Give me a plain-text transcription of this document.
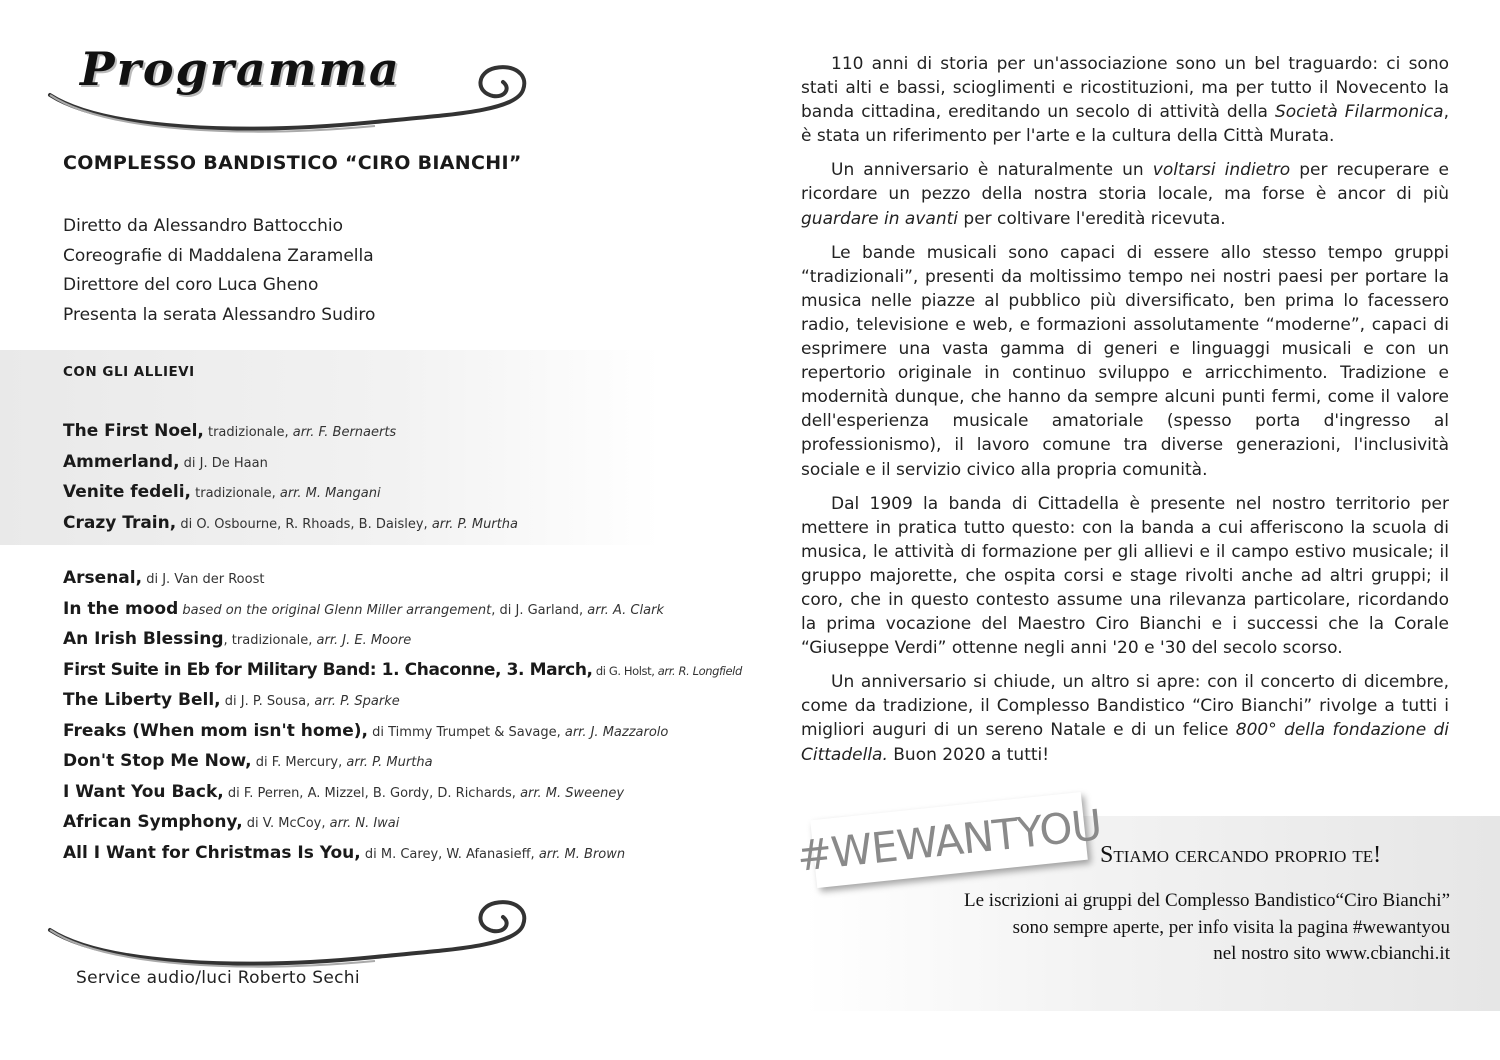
Programma
COMPLESSO BANDISTICO “CIRO BIANCHI”
Diretto da Alessandro Battocchio
Coreografie di Maddalena Zaramella
Direttore del coro Luca Gheno
Presenta la serata Alessandro Sudiro
CON GLI ALLIEVI
The First Noel, tradizionale, arr. F. Bernaerts
Ammerland, di J. De Haan
Venite fedeli, tradizionale, arr. M. Mangani
Crazy Train, di O. Osbourne, R. Rhoads, B. Daisley, arr. P. Murtha
Arsenal, di J. Van der Roost
In the mood based on the original Glenn Miller arrangement, di J. Garland, arr. A. Clark
An Irish Blessing, tradizionale, arr. J. E. Moore
First Suite in Eb for Military Band: 1. Chaconne, 3. March, di G. Holst, arr. R. Longfield
The Liberty Bell, di J. P. Sousa, arr. P. Sparke
Freaks (When mom isn't home), di Timmy Trumpet & Savage, arr. J. Mazzarolo
Don't Stop Me Now, di F. Mercury, arr. P. Murtha
I Want You Back, di F. Perren, A. Mizzel, B. Gordy, D. Richards, arr. M. Sweeney
African Symphony, di V. McCoy, arr. N. Iwai
All I Want for Christmas Is You, di M. Carey, W. Afanasieff, arr. M. Brown
Service audio/luci Roberto Sechi

110 anni di storia per un'associazione sono un bel traguardo: ci sono stati alti e bassi, scioglimenti e ricostituzioni, ma per tutto il Novecento la banda cittadina, ereditando un secolo di attività della Società Filarmonica, è stata un riferimento per l'arte e la cultura della Città Murata.

Un anniversario è naturalmente un voltarsi indietro per recuperare e ricordare un pezzo della nostra storia locale, ma forse è ancor di più guardare in avanti per coltivare l'eredità ricevuta.

Le bande musicali sono capaci di essere allo stesso tempo gruppi “tradizionali”, presenti da moltissimo tempo nei nostri paesi per portare la musica nelle piazze al pubblico più diversificato, ben prima lo facessero radio, televisione e web, e formazioni assolutamente “moderne”, capaci di esprimere una vasta gamma di generi e linguaggi musicali e con un repertorio originale in continuo sviluppo e arricchimento. Tradizione e modernità dunque, che hanno da sempre alcuni punti fermi, come il valore dell'esperienza musicale amatoriale (spesso porta d'ingresso al professionismo), il lavoro comune tra diverse generazioni, l'inclusività sociale e il servizio civico alla propria comunità.

Dal 1909 la banda di Cittadella è presente nel nostro territorio per mettere in pratica tutto questo: con la banda a cui afferiscono la scuola di musica, le attività di formazione per gli allievi e il campo estivo musicale; il gruppo majorette, che ospita corsi e stage rivolti anche ad altri gruppi; il coro, che in questo contesto assume una rilevanza particolare, ricordando la prima vocazione del Maestro Ciro Bianchi e i successi che la Corale “Giuseppe Verdi” ottenne negli anni '20 e '30 del secolo scorso.

Un anniversario si chiude, un altro si apre: con il concerto di dicembre, come da tradizione, il Complesso Bandistico “Ciro Bianchi” rivolge a tutti i migliori auguri di un sereno Natale e di un felice 800° della fondazione di Cittadella. Buon 2020 a tutti!

#WEWANTYOU
Stiamo cercando proprio te!
Le iscrizioni ai gruppi del Complesso Bandistico“Ciro Bianchi”
sono sempre aperte, per info visita la pagina #wewantyou
nel nostro sito www.cbianchi.it
